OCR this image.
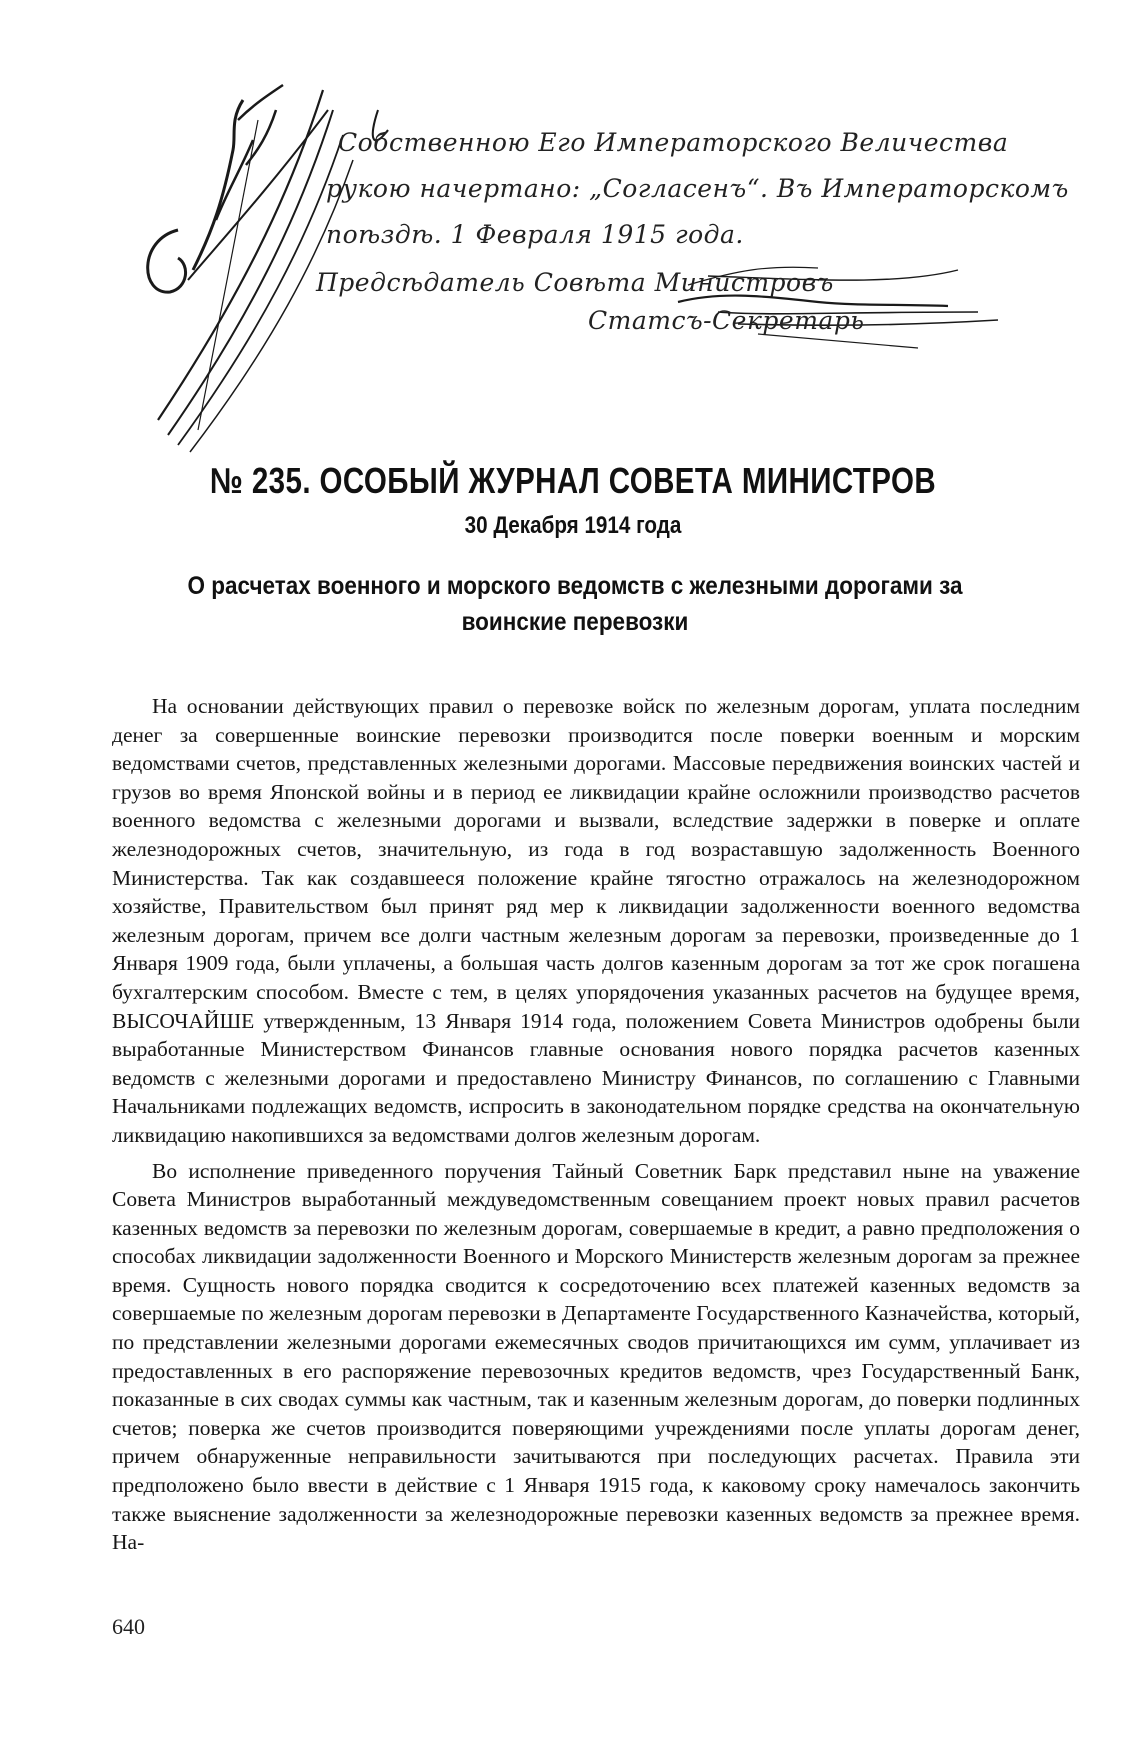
Собственною Его Императорского Величества
рукою начертано: „Согласенъ“. Въ Императорскомъ
поѣздѣ. 1 Февраля 1915 года.
Предсѣдатель Совѣта Министровъ
Статсъ-Секретарь
№ 235. ОСОБЫЙ ЖУРНАЛ СОВЕТА МИНИСТРОВ
30 Декабря 1914 года
О расчетах военного и морского ведомств с железными дорогами за воинские перевозки

На основании действующих правил о перевозке войск по железным дорогам, уплата последним денег за совершенные воинские перевозки производится после поверки военным и морским ведомствами счетов, представленных железными дорогами. Массовые передвижения воинских частей и грузов во время Японской войны и в период ее ликвидации крайне осложнили производство расчетов военного ведомства с железными дорогами и вызвали, вследствие задержки в поверке и оплате железнодорожных счетов, значительную, из года в год возраставшую задолженность Военного Министерства. Так как создавшееся положение крайне тягостно отражалось на железнодорожном хозяйстве, Правительством был принят ряд мер к ликвидации задолженности военного ведомства железным дорогам, причем все долги частным железным дорогам за перевозки, произведенные до 1 Января 1909 года, были уплачены, а большая часть долгов казенным дорогам за тот же срок погашена бухгалтерским способом. Вместе с тем, в целях упорядочения указанных расчетов на будущее время, ВЫСОЧАЙШЕ утвержденным, 13 Января 1914 года, положением Совета Министров одобрены были выработанные Министерством Финансов главные основания нового порядка расчетов казенных ведомств с железными дорогами и предоставлено Министру Финансов, по соглашению с Главными Начальниками подлежащих ведомств, испросить в законодательном порядке средства на окончательную ликвидацию накопившихся за ведомствами долгов железным дорогам.

Во исполнение приведенного поручения Тайный Советник Барк представил ныне на уважение Совета Министров выработанный междуведомственным совещанием проект новых правил расчетов казенных ведомств за перевозки по железным дорогам, совершаемые в кредит, а равно предположения о способах ликвидации задолженности Военного и Морского Министерств железным дорогам за прежнее время. Сущность нового порядка сводится к сосредоточению всех платежей казенных ведомств за совершаемые по железным дорогам перевозки в Департаменте Государственного Казначейства, который, по представлении железными дорогами ежемесячных сводов причитающихся им сумм, уплачивает из предоставленных в его распоряжение перевозочных кредитов ведомств, чрез Государственный Банк, показанные в сих сводах суммы как частным, так и казенным железным дорогам, до поверки подлинных счетов; поверка же счетов производится поверяющими учреждениями после уплаты дорогам денег, причем обнаруженные неправильности зачитываются при последующих расчетах. Правила эти предположено было ввести в действие с 1 Января 1915 года, к каковому сроку намечалось закончить также выяснение задолженности за железнодорожные перевозки казенных ведомств за прежнее время. На-

640
